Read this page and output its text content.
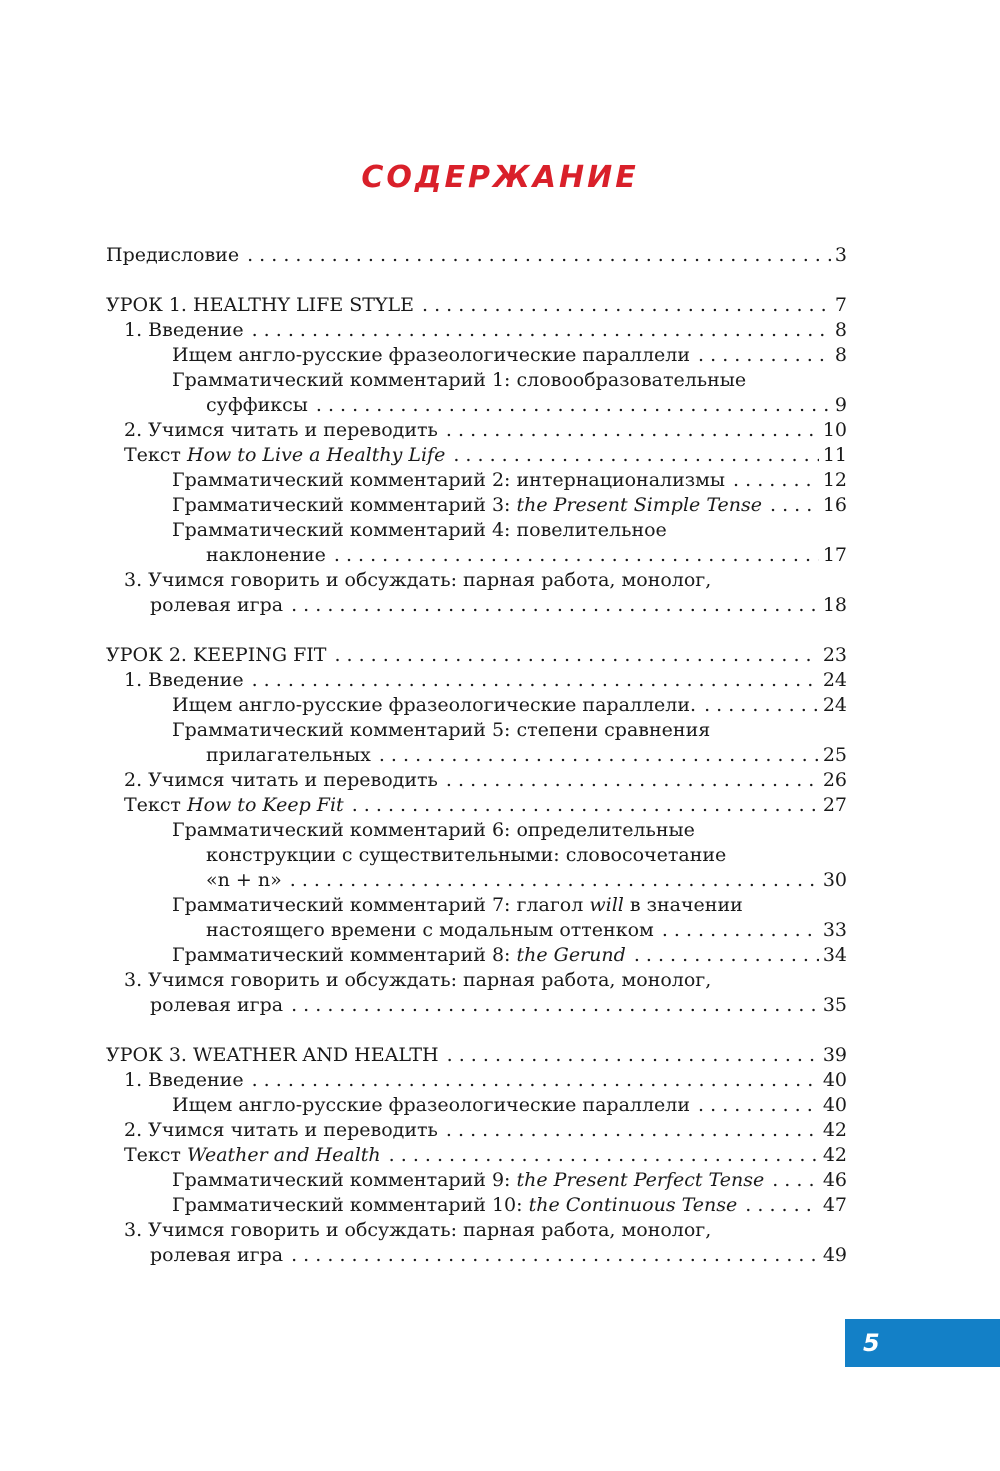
СОДЕРЖАНИЕ
Предисловие . . .	3
УРОК 1. HEALTHY LIFE STYLE . . .	7
1. Введение . . .	8
Ищем англо-русские фразеологические параллели . . .	8
Грамматический комментарий 1: словообразовательные
суффиксы . . .	9
2. Учимся читать и переводить . . .	10
Текст How to Live a Healthy Life . . .	11
Грамматический комментарий 2: интернационализмы . . .	12
Грамматический комментарий 3: the Present Simple Tense . . .	16
Грамматический комментарий 4: повелительное
наклонение . . .	17
3. Учимся говорить и обсуждать: парная работа, монолог,
ролевая игра . . .	18
УРОК 2. KEEPING FIT . . .	23
1. Введение . . .	24
Ищем англо-русские фразеологические параллели. . . .	24
Грамматический комментарий 5: степени сравнения
прилагательных . . .	25
2. Учимся читать и переводить . . .	26
Текст How to Keep Fit . . .	27
Грамматический комментарий 6: определительные
конструкции с существительными: словосочетание
«n + n» . . .	30
Грамматический комментарий 7: глагол will в значении
настоящего времени с модальным оттенком . . .	33
Грамматический комментарий 8: the Gerund . . .	34
3. Учимся говорить и обсуждать: парная работа, монолог,
ролевая игра . . .	35
УРОК 3. WEATHER AND HEALTH . . .	39
1. Введение . . .	40
Ищем англо-русские фразеологические параллели . . .	40
2. Учимся читать и переводить . . .	42
Текст Weather and Health . . .	42
Грамматический комментарий 9: the Present Perfect Tense . . .	46
Грамматический комментарий 10: the Continuous Tense . . .	47
3. Учимся говорить и обсуждать: парная работа, монолог,
ролевая игра . . .	49
5
